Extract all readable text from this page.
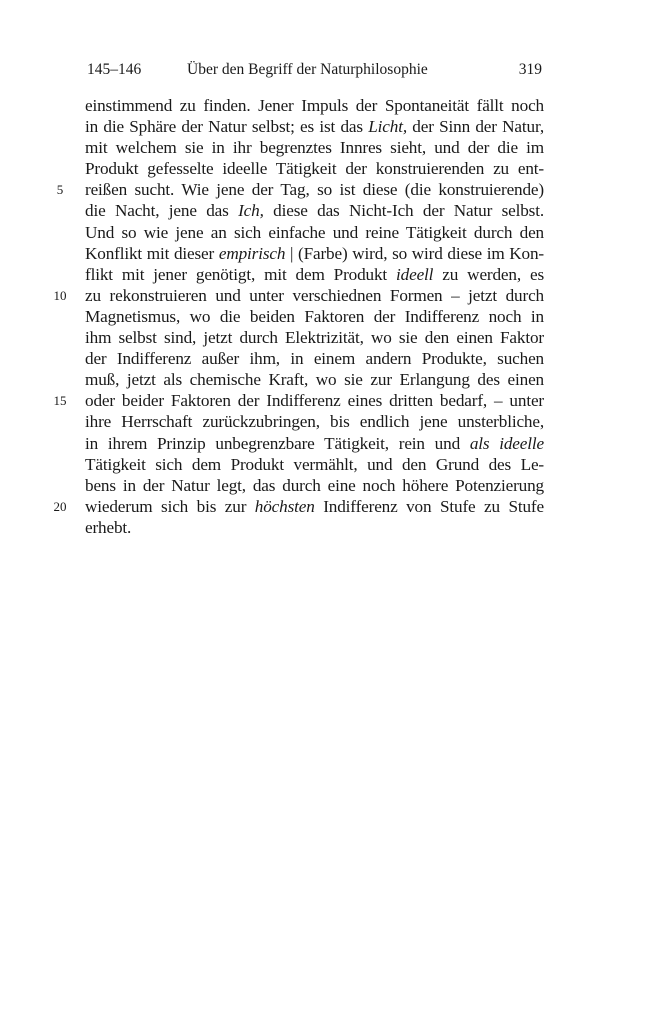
145–146	Über den Begriff der Naturphilosophie	319
einstimmend zu finden. Jener Impuls der Spontaneität fällt noch
in die Sphäre der Natur selbst; es ist das Licht, der Sinn der Natur,
mit welchem sie in ihr begrenztes Innres sieht, und der die im
Produkt gefesselte ideelle Tätigkeit der konstruierenden zu ent-
5	reißen sucht. Wie jene der Tag, so ist diese (die konstruierende)
die Nacht, jene das Ich, diese das Nicht-Ich der Natur selbst.
Und so wie jene an sich einfache und reine Tätigkeit durch den
Konflikt mit dieser empirisch | (Farbe) wird, so wird diese im Kon-
flikt mit jener genötigt, mit dem Produkt ideell zu werden, es
10	zu rekonstruieren und unter verschiednen Formen – jetzt durch
Magnetismus, wo die beiden Faktoren der Indifferenz noch in
ihm selbst sind, jetzt durch Elektrizität, wo sie den einen Faktor
der Indifferenz außer ihm, in einem andern Produkte, suchen
muß, jetzt als chemische Kraft, wo sie zur Erlangung des einen
15	oder beider Faktoren der Indifferenz eines dritten bedarf, – unter
ihre Herrschaft zurückzubringen, bis endlich jene unsterbliche,
in ihrem Prinzip unbegrenzbare Tätigkeit, rein und als ideelle
Tätigkeit sich dem Produkt vermählt, und den Grund des Le-
bens in der Natur legt, das durch eine noch höhere Potenzierung
20	wiederum sich bis zur höchsten Indifferenz von Stufe zu Stufe
erhebt.
